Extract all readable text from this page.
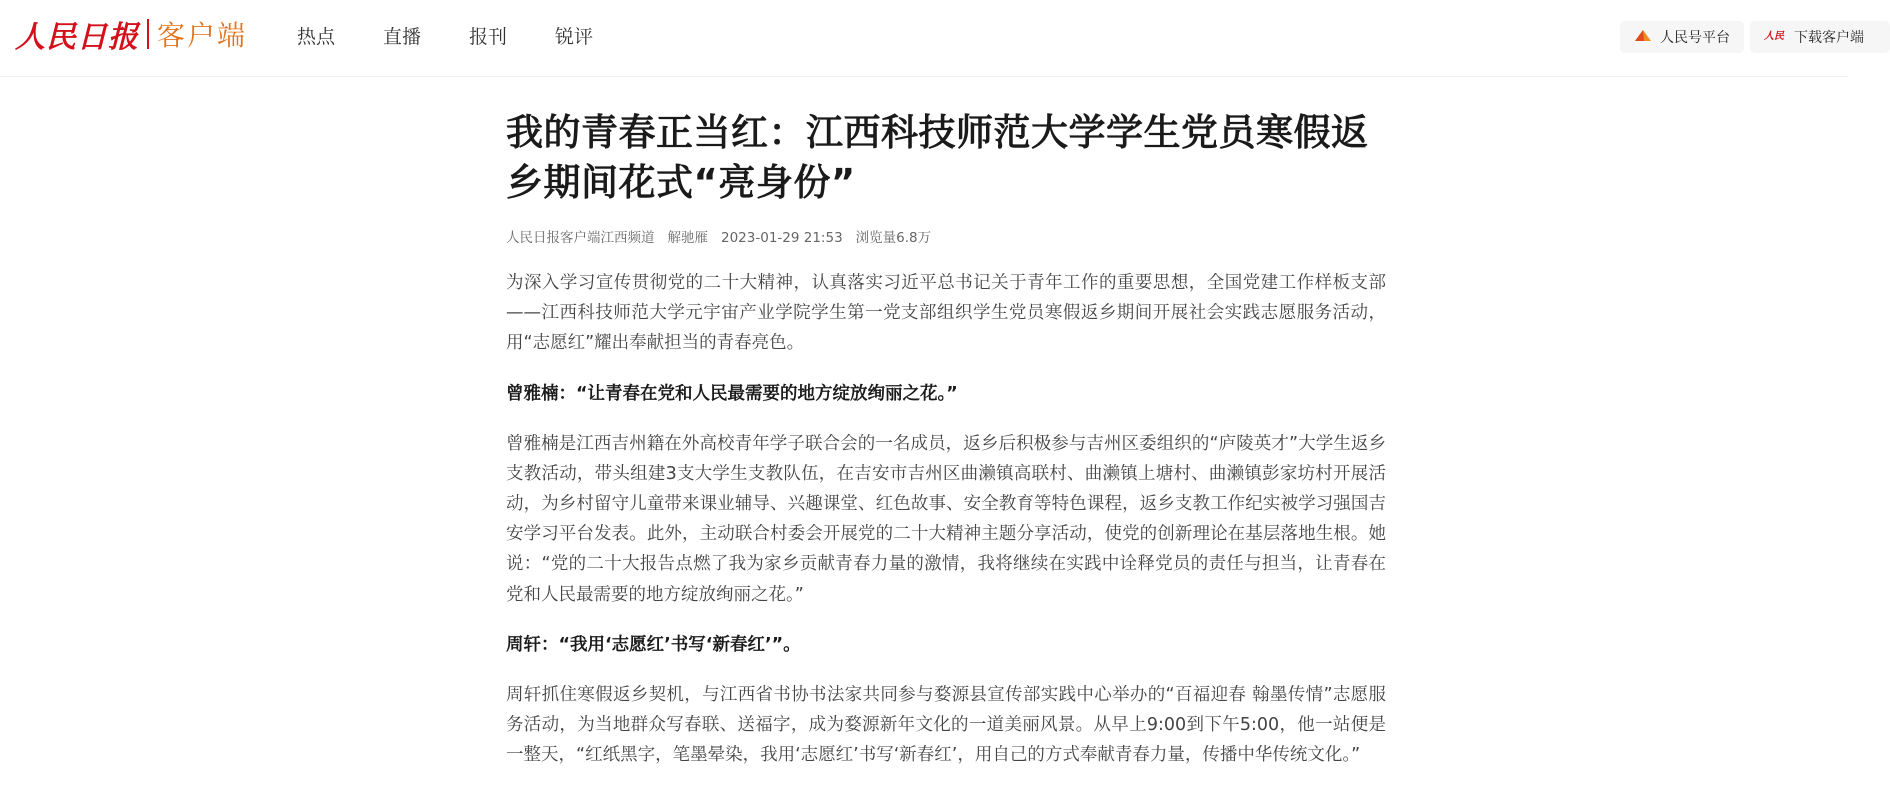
人民日报 客户端	热点	直播	报刊	锐评	人民号平台	人民 下载客户端
我的青春正当红：江西科技师范大学学生党员寒假返乡期间花式“亮身份”
人民日报客户端江西频道 解驰雁 2023-01-29 21:53 浏览量6.8万

为深入学习宣传贯彻党的二十大精神，认真落实习近平总书记关于青年工作的重要思想，全国党建工作样板支部——江西科技师范大学元宇宙产业学院学生第一党支部组织学生党员寒假返乡期间开展社会实践志愿服务活动，用“志愿红”耀出奉献担当的青春亮色。

曾雅楠：“让青春在党和人民最需要的地方绽放绚丽之花。”

曾雅楠是江西吉州籍在外高校青年学子联合会的一名成员，返乡后积极参与吉州区委组织的“庐陵英才”大学生返乡支教活动，带头组建3支大学生支教队伍，在吉安市吉州区曲濑镇高联村、曲濑镇上塘村、曲濑镇彭家坊村开展活动，为乡村留守儿童带来课业辅导、兴趣课堂、红色故事、安全教育等特色课程，返乡支教工作纪实被学习强国吉安学习平台发表。此外，主动联合村委会开展党的二十大精神主题分享活动，使党的创新理论在基层落地生根。她说：“党的二十大报告点燃了我为家乡贡献青春力量的激情，我将继续在实践中诠释党员的责任与担当，让青春在党和人民最需要的地方绽放绚丽之花。”

周轩：“我用‘志愿红’书写‘新春红’”。

周轩抓住寒假返乡契机，与江西省书协书法家共同参与婺源县宣传部实践中心举办的“百福迎春 翰墨传情”志愿服务活动，为当地群众写春联、送福字，成为婺源新年文化的一道美丽风景。从早上9:00到下午5:00，他一站便是一整天，“红纸黑字，笔墨晕染，我用‘志愿红’书写‘新春红’，用自己的方式奉献青春力量，传播中华传统文化。”
